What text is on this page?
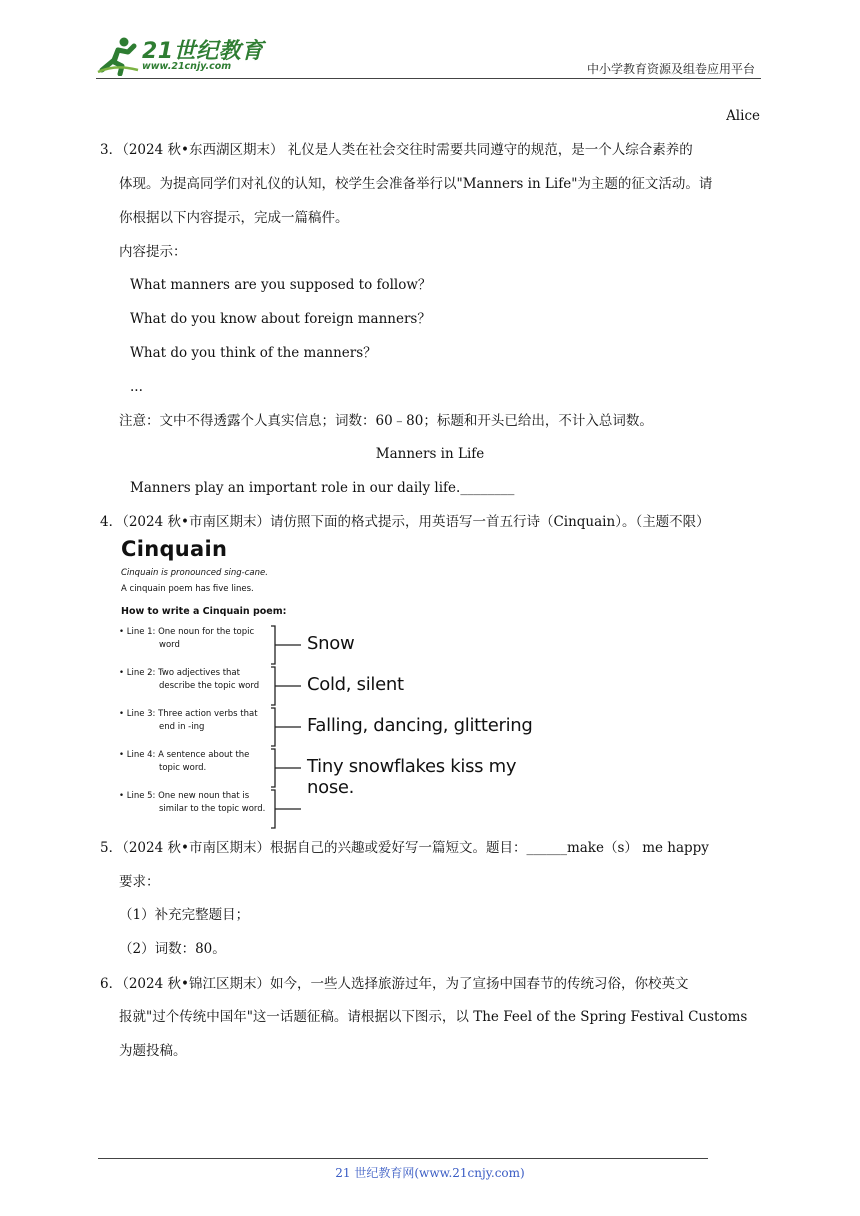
21世纪教育
www.21cnjy.com	中小学教育资源及组卷应用平台
Alice
3．（2024 秋•东西湖区期末） 礼仪是人类在社会交往时需要共同遵守的规范，是一个人综合素养的
体现。为提高同学们对礼仪的认知，校学生会准备举行以"Manners in Life"为主题的征文活动。请
你根据以下内容提示，完成一篇稿件。
内容提示：
What manners are you supposed to follow？
What do you know about foreign manners？
What do you think of the manners？
...
注意：文中不得透露个人真实信息；词数：60﹣80；标题和开头已给出，不计入总词数。
Manners in Life
Manners play an important role in our daily life.________
4．（2024 秋•市南区期末）请仿照下面的格式提示，用英语写一首五行诗（Cinquain）。（主题不限）
Cinquain
Cinquain is pronounced sing-cane.
A cinquain poem has five lines.
How to write a Cinquain poem:
• Line 1: One noun for the topic
word	Snow
• Line 2: Two adjectives that
describe the topic word	Cold, silent
• Line 3: Three action verbs that
end in -ing	Falling, dancing, glittering
• Line 4: A sentence about the
topic word.	Tiny snowflakes kiss my nose.
• Line 5: One new noun that is
similar to the topic word.
5．（2024 秋•市南区期末）根据自己的兴趣或爱好写一篇短文。题目：______make（s） me happy
要求：
（1）补充完整题目；
（2）词数：80。
6．（2024 秋•锦江区期末）如今，一些人选择旅游过年，为了宣扬中国春节的传统习俗，你校英文
报就"过个传统中国年"这一话题征稿。请根据以下图示，以 The Feel of the Spring Festival Customs
为题投稿。
21 世纪教育网(www.21cnjy.com)
